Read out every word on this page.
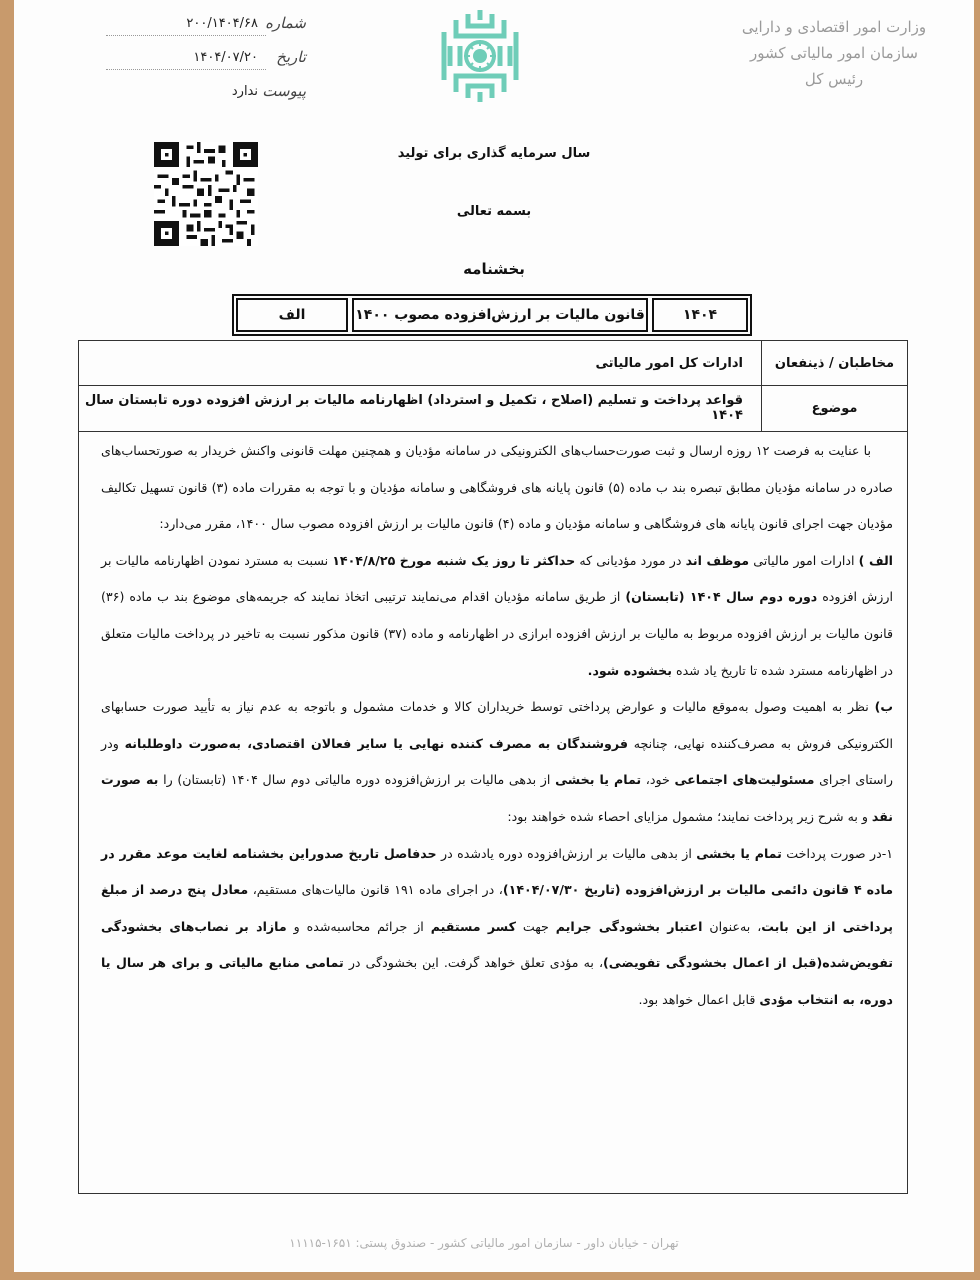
وزارت امور اقتصادی و دارایی
سازمان امور مالیاتی کشور
رئیس کل
شماره
۲۰۰/۱۴۰۴/۶۸
تاریخ
۱۴۰۴/۰۷/۲۰
پیوست
ندارد
سال سرمایه گذاری برای تولید
بسمه تعالی
بخشنامه
۱۴۰۴
قانون مالیات بر ارزش‌افزوده مصوب ۱۴۰۰
الف
مخاطبان / ذینفعان
ادارات کل امور مالیاتی
موضوع
قواعد پرداخت و تسلیم (اصلاح ، تکمیل و استرداد) اظهارنامه مالیات بر ارزش افزوده دوره تابستان سال ۱۴۰۴

با عنایت به فرصت ۱۲ روزه ارسال و ثبت صورت‌حساب‌های الکترونیکی در سامانه مؤدیان و همچنین مهلت قانونی واکنش خریدار به صورتحساب‌های صادره در سامانه مؤدیان مطابق تبصره بند ب ماده (۵) قانون پایانه های فروشگاهی و سامانه مؤدیان و با توجه به مقررات ماده (۳) قانون تسهیل تکالیف مؤدیان جهت اجرای قانون پایانه های فروشگاهی و سامانه مؤدیان و ماده (۴) قانون مالیات بر ارزش افزوده مصوب سال ۱۴۰۰، مقرر می‌دارد:

الف ) ادارات امور مالیاتی موظف اند در مورد مؤدیانی که حداکثر تا روز یک شنبه مورخ ۱۴۰۴/۸/۲۵ نسبت به مسترد نمودن اظهارنامه مالیات بر ارزش افزوده دوره دوم سال ۱۴۰۴ (تابستان) از طریق سامانه مؤدیان اقدام می‌نمایند ترتیبی اتخاذ نمایند که جریمه‌های موضوع بند ب ماده (۳۶) قانون مالیات بر ارزش افزوده مربوط به مالیات بر ارزش افزوده ابرازی در اظهارنامه و ماده (۳۷) قانون مذکور نسبت به تاخیر در پرداخت مالیات متعلق در اظهارنامه مسترد شده تا تاریخ یاد شده بخشوده شود.

ب) نظر به اهمیت وصول به‌موقع مالیات و عوارض پرداختی توسط خریداران کالا و خدمات مشمول و باتوجه به عدم نیاز به تأیید صورت حسابهای الکترونیکی فروش به مصرف‌کننده نهایی، چنانچه فروشندگان به مصرف کننده نهایی یا سایر فعالان اقتصادی، به‌صورت داوطلبانه ودر راستای اجرای مسئولیت‌های اجتماعی خود، تمام یا بخشی از بدهی مالیات بر ارزش‌افزوده دوره مالیاتی دوم سال ۱۴۰۴ (تابستان) را به صورت نقد و به شرح زیر پرداخت نمایند؛ مشمول مزایای احصاء شده خواهند بود:

۱-در صورت پرداخت تمام یا بخشی از بدهی مالیات بر ارزش‌افزوده دوره یادشده در حدفاصل تاریخ صدوراین بخشنامه لغایت موعد مقرر در ماده ۴ قانون دائمی مالیات بر ارزش‌افزوده (تاریخ ۱۴۰۴/۰۷/۳۰)، در اجرای ماده ۱۹۱ قانون مالیات‌های مستقیم، معادل پنج درصد از مبلغ پرداختی از این بابت، به‌عنوان اعتبار بخشودگی جرایم جهت کسر مستقیم از جرائم محاسبه‌شده و مازاد بر نصاب‌های بخشودگی تفویض‌شده(قبل از اعمال بخشودگی تفویضی)، به مؤدی تعلق خواهد گرفت. این بخشودگی در تمامی منابع مالیاتی و برای هر سال یا دوره، به انتخاب مؤدی قابل اعمال خواهد بود.

تهران - خیابان داور - سازمان امور مالیاتی کشور - صندوق پستی: ۱۶۵۱-۱۱۱۱۵
